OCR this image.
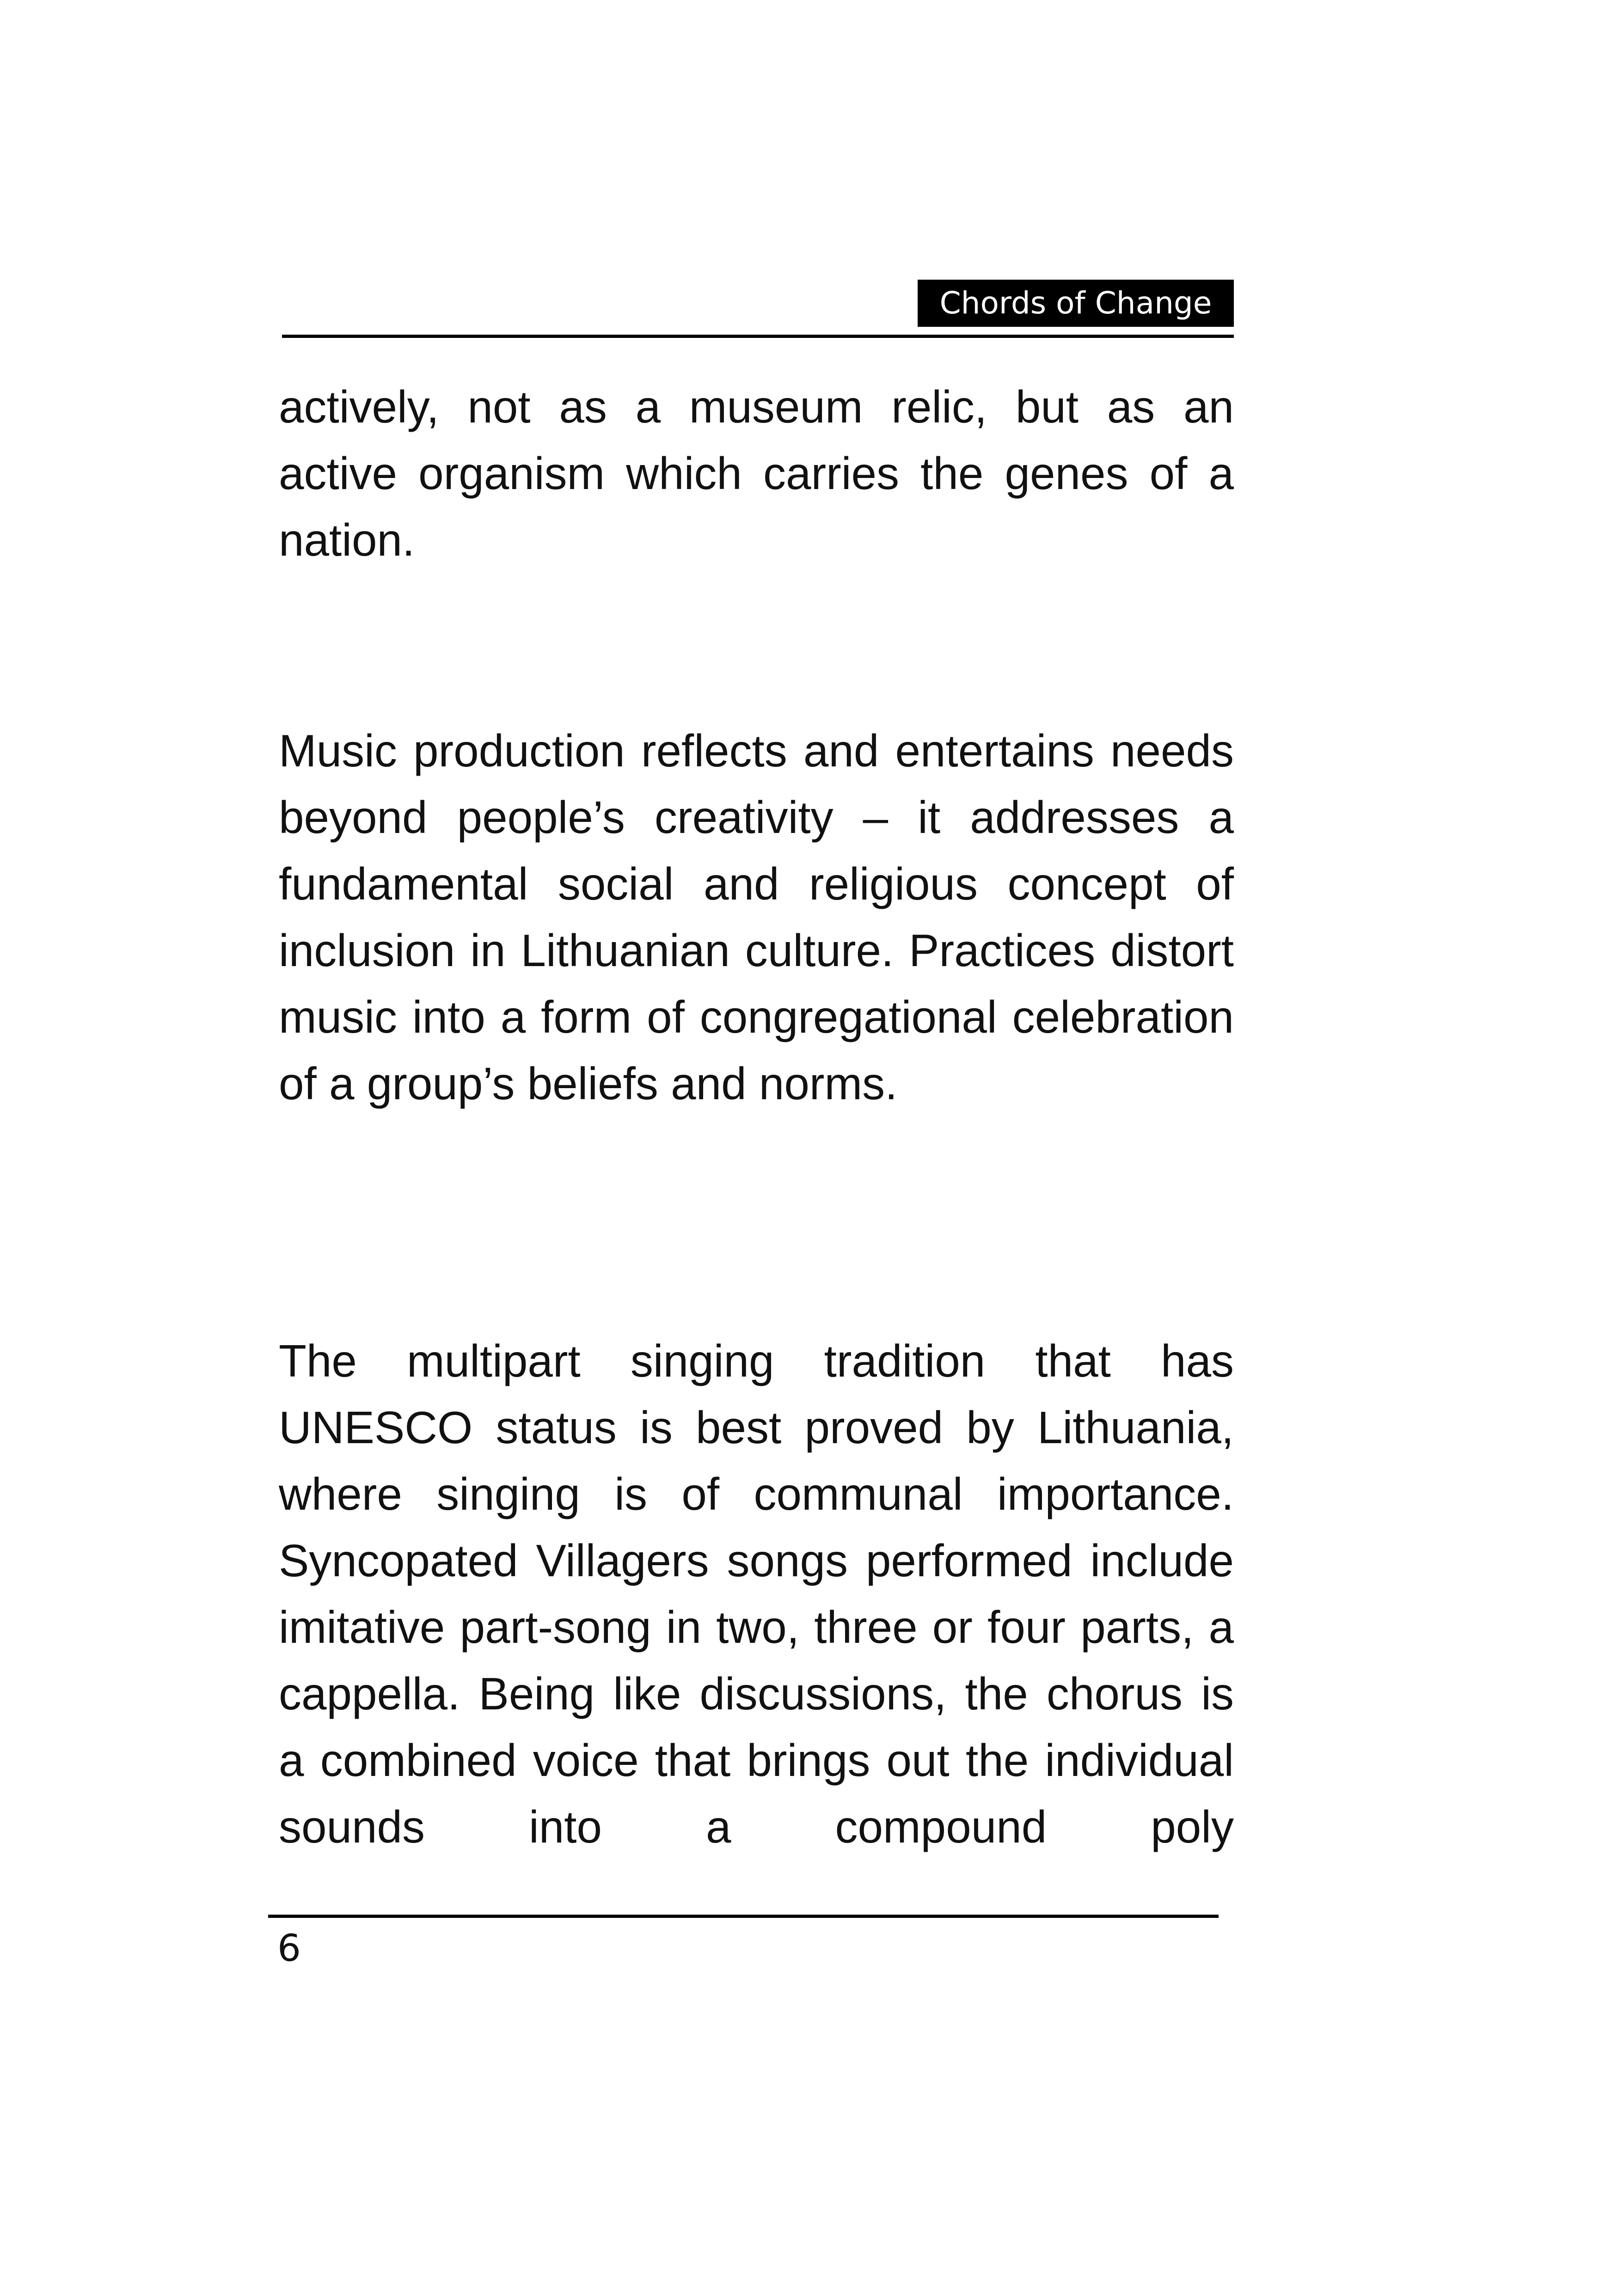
Chords of Change

actively, not as a museum relic, but as an active organism which carries the genes of a nation.

Music production reflects and entertains needs beyond people’s creativity – it addresses a fundamental social and religious concept of inclusion in Lithuanian culture. Practices distort music into a form of congregational celebration of a group’s beliefs and norms.

The multipart singing tradition that has UNESCO status is best proved by Lithuania, where singing is of communal importance. Syncopated Villagers songs performed include imitative part-song in two, three or four parts, a cappella. Being like discussions, the chorus is a combined voice that brings out the individual sounds into a compound poly

6
